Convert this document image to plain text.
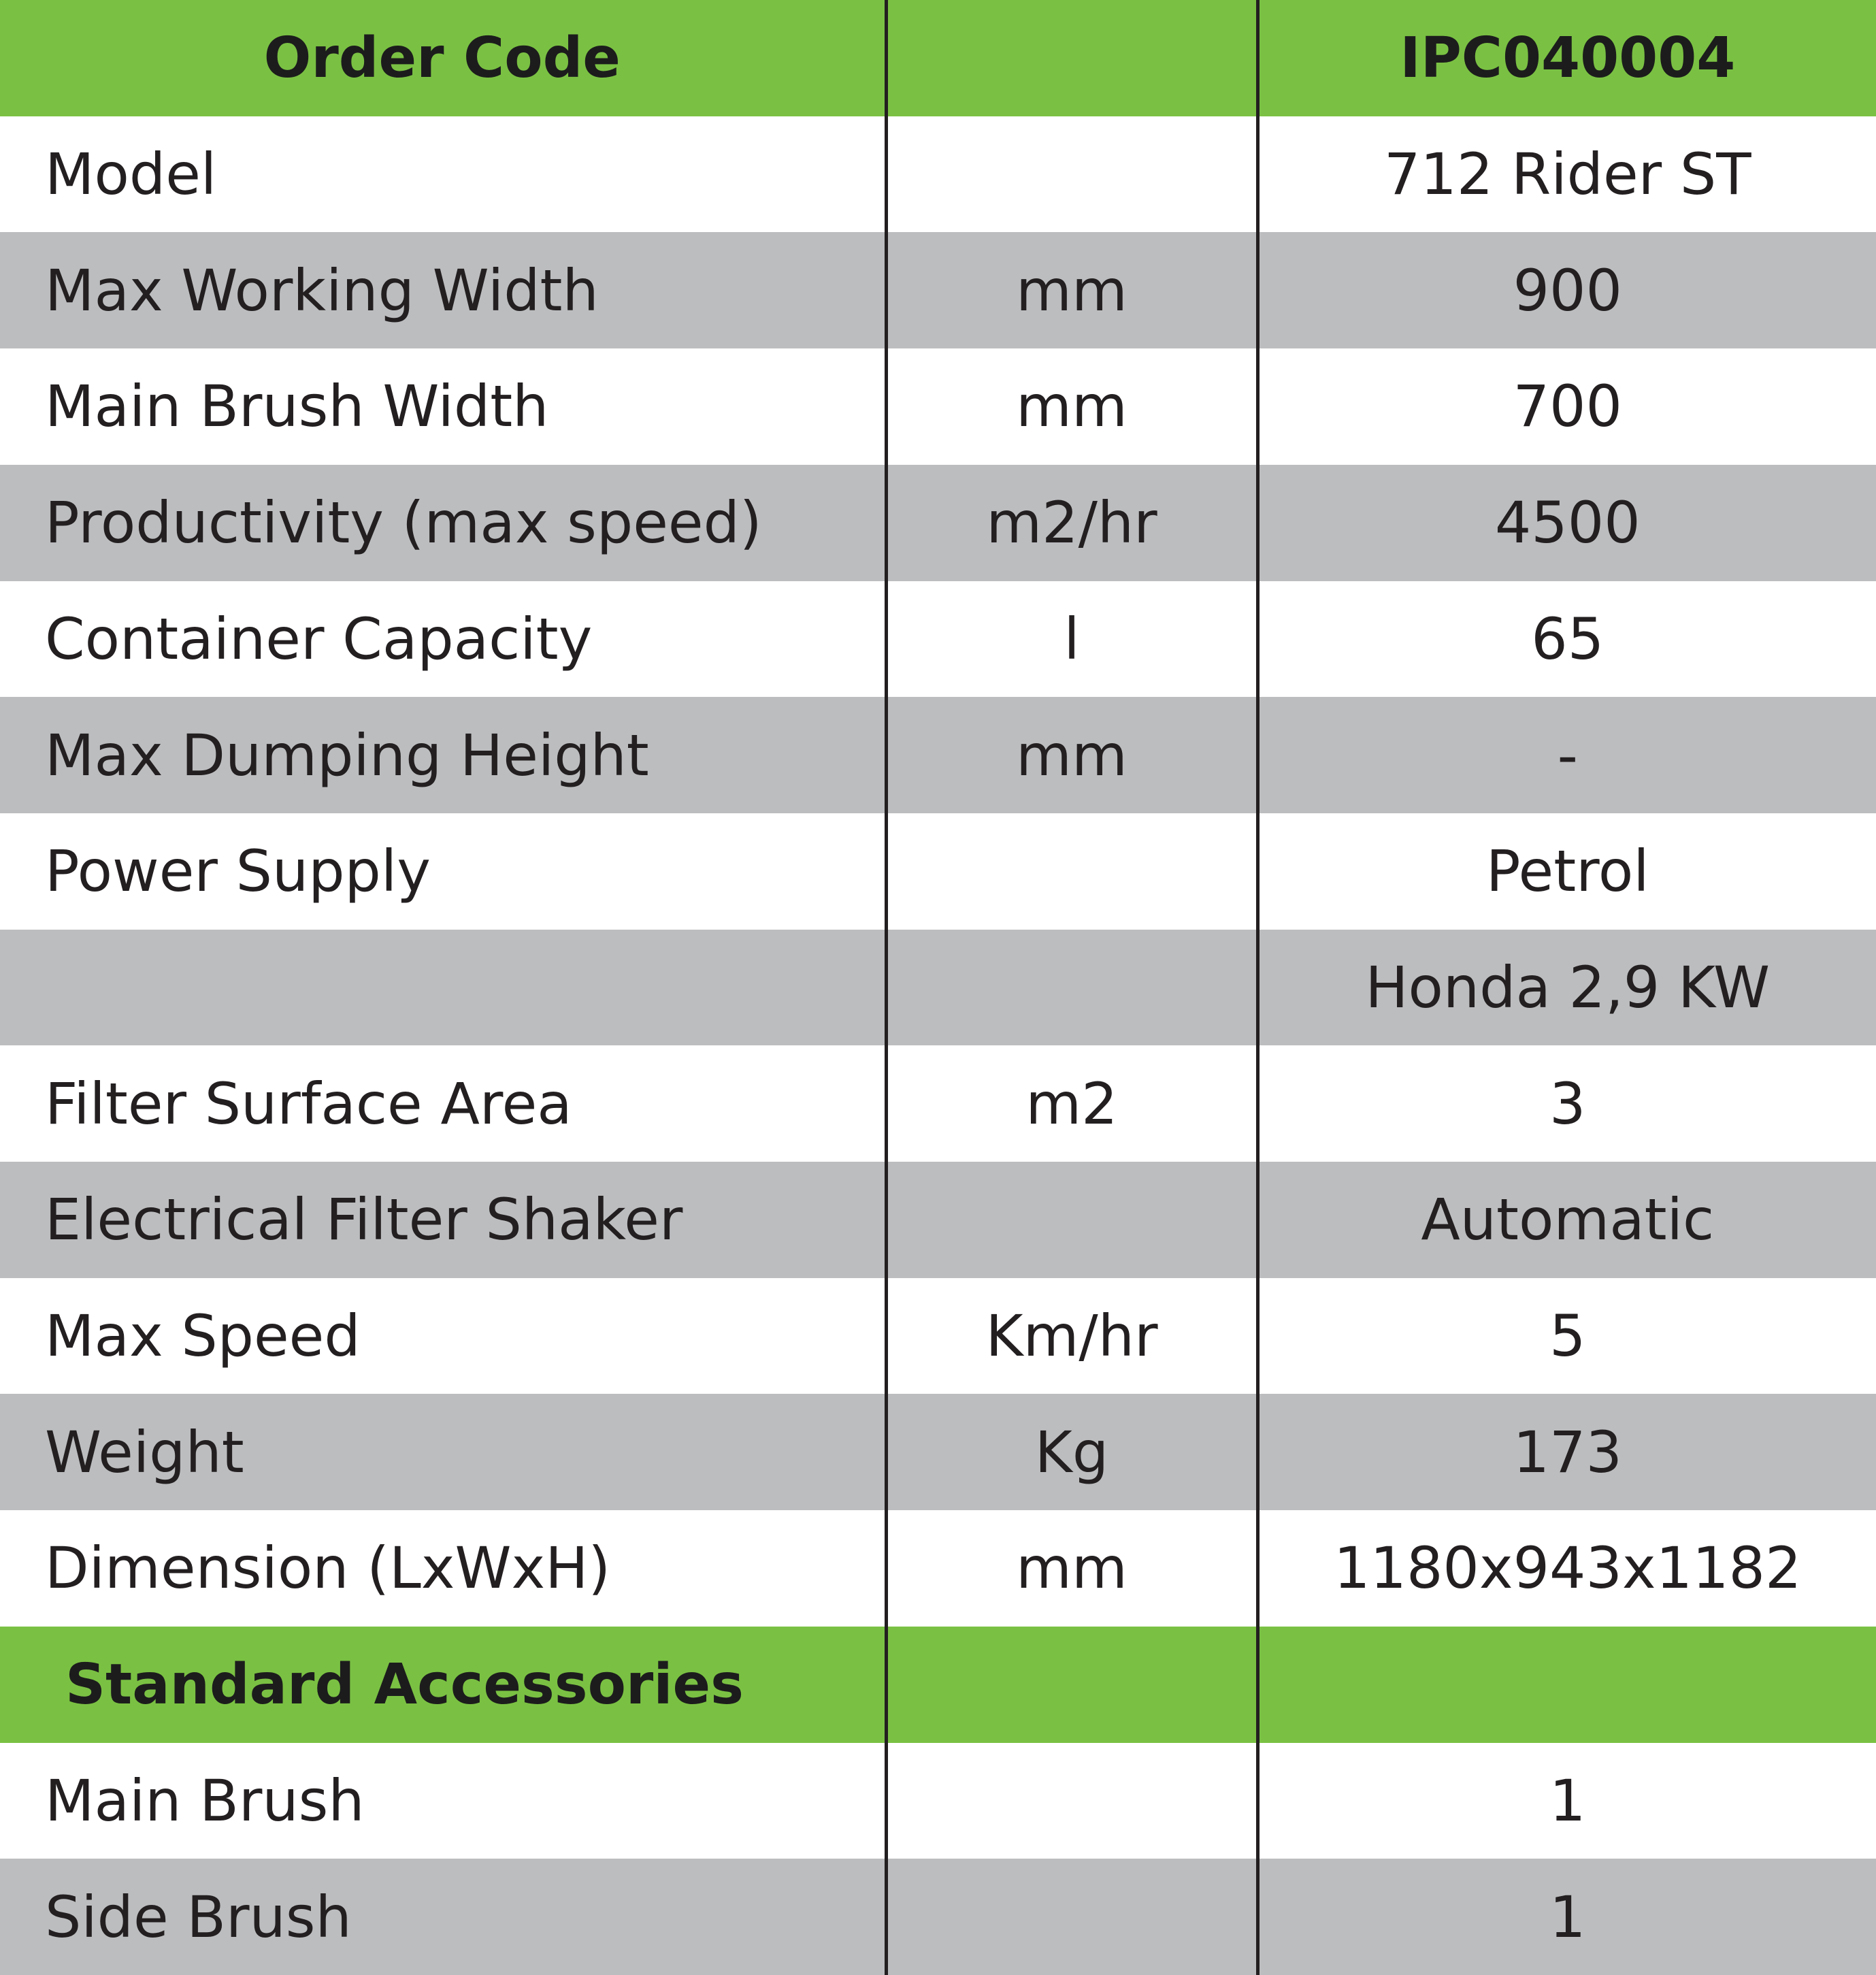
Order Code		IPC040004
Model		712 Rider ST
Max Working Width	mm	900
Main Brush Width	mm	700
Productivity (max speed)	m2/hr	4500
Container Capacity	l	65
Max Dumping Height	mm	-
Power Supply		Petrol
		Honda 2,9 KW
Filter Surface Area	m2	3
Electrical Filter Shaker		Automatic
Max Speed	Km/hr	5
Weight	Kg	173
Dimension (LxWxH)	mm	1180x943x1182
Standard Accessories		
Main Brush		1
Side Brush		1
